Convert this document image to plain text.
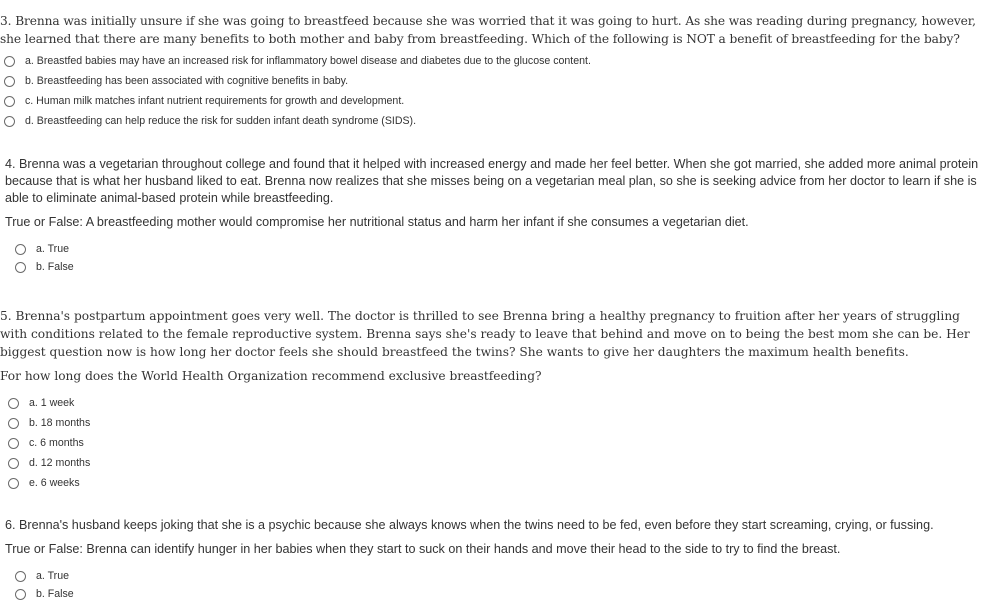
3. Brenna was initially unsure if she was going to breastfeed because she was worried that it was going to hurt. As she was reading during pregnancy, however, she learned that there are many benefits to both mother and baby from breastfeeding. Which of the following is NOT a benefit of breastfeeding for the baby?

a. Breastfed babies may have an increased risk for inflammatory bowel disease and diabetes due to the glucose content.
b. Breastfeeding has been associated with cognitive benefits in baby.
c. Human milk matches infant nutrient requirements for growth and development.
d. Breastfeeding can help reduce the risk for sudden infant death syndrome (SIDS).

4. Brenna was a vegetarian throughout college and found that it helped with increased energy and made her feel better. When she got married, she added more animal protein because that is what her husband liked to eat. Brenna now realizes that she misses being on a vegetarian meal plan, so she is seeking advice from her doctor to learn if she is able to eliminate animal-based protein while breastfeeding.

True or False: A breastfeeding mother would compromise her nutritional status and harm her infant if she consumes a vegetarian diet.

a. True
b. False

5. Brenna's postpartum appointment goes very well. The doctor is thrilled to see Brenna bring a healthy pregnancy to fruition after her years of struggling with conditions related to the female reproductive system. Brenna says she's ready to leave that behind and move on to being the best mom she can be. Her biggest question now is how long her doctor feels she should breastfeed the twins? She wants to give her daughters the maximum health benefits.

For how long does the World Health Organization recommend exclusive breastfeeding?

a. 1 week
b. 18 months
c. 6 months
d. 12 months
e. 6 weeks

6. Brenna's husband keeps joking that she is a psychic because she always knows when the twins need to be fed, even before they start screaming, crying, or fussing.

True or False: Brenna can identify hunger in her babies when they start to suck on their hands and move their head to the side to try to find the breast.

a. True
b. False
